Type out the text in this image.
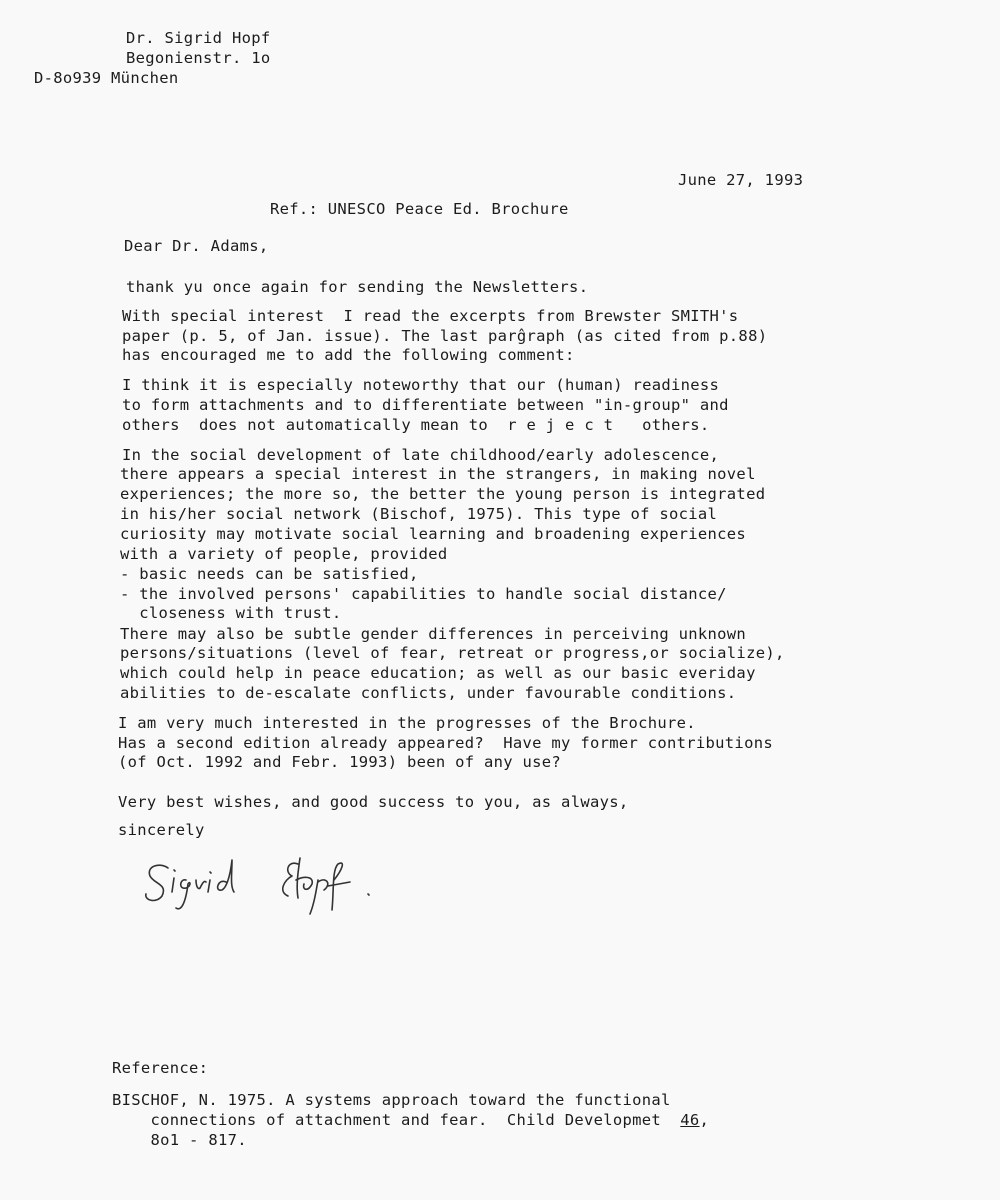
Dr. Sigrid Hopf
Begonienstr. 1o
D-8o939 München
June 27, 1993
Ref.: UNESCO Peace Ed. Brochure
Dear Dr. Adams,
thank yu once again for sending the Newsletters.
With special interest  I read the excerpts from Brewster SMITH's
paper (p. 5, of Jan. issue). The last parĝraph (as cited from p.88)
has encouraged me to add the following comment:
I think it is especially noteworthy that our (human) readiness
to form attachments and to differentiate between "in-group" and
others  does not automatically mean to  r e j e c t   others.
In the social development of late childhood/early adolescence,
there appears a special interest in the strangers, in making novel
experiences; the more so, the better the young person is integrated
in his/her social network (Bischof, 1975). This type of social
curiosity may motivate social learning and broadening experiences
with a variety of people, provided
- basic needs can be satisfied,
- the involved persons' capabilities to handle social distance/
closeness with trust.
There may also be subtle gender differences in perceiving unknown
persons/situations (level of fear, retreat or progress,or socialize),
which could help in peace education; as well as our basic everiday
abilities to de-escalate conflicts, under favourable conditions.
I am very much interested in the progresses of the Brochure.
Has a second edition already appeared?  Have my former contributions
(of Oct. 1992 and Febr. 1993) been of any use?
Very best wishes, and good success to you, as always,
sincerely
Reference:
BISCHOF, N. 1975. A systems approach toward the functional
connections of attachment and fear.  Child Developmet  46,
8o1 - 817.
